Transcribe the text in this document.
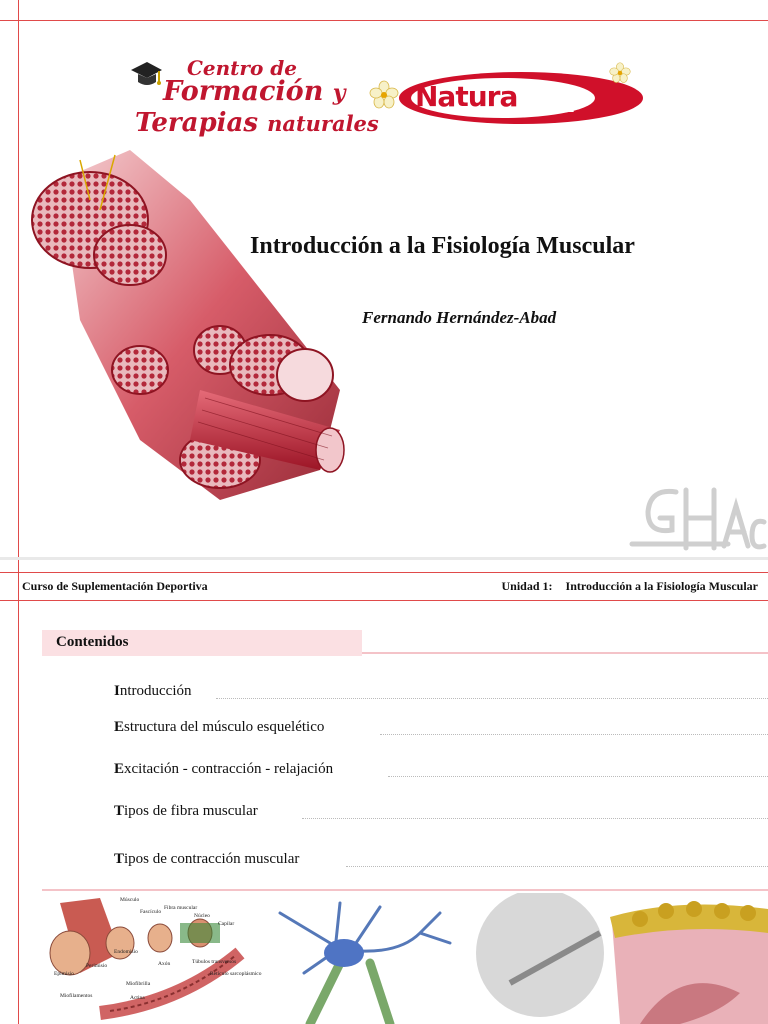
Centro de
Formación y
Terapias naturales
NaturaHelp
Introducción a la Fisiología Muscular
Fernando Hernández-Abad
Curso de Suplementación Deportiva	Unidad 1: Introducción a la Fisiología Muscular
Contenidos
Introducción
Estructura del músculo esquelético
Excitación - contracción - relajación
Tipos de fibra muscular
Tipos de contracción muscular
Músculo
Fascículo
Fibra muscular
Núcleo
Capilar
Endomisio
Perimisio
Epimisio
Axón	Túbulos transversos
Retículo sarcoplásmico
Miofibrilla
Miofilamentos	Actina
